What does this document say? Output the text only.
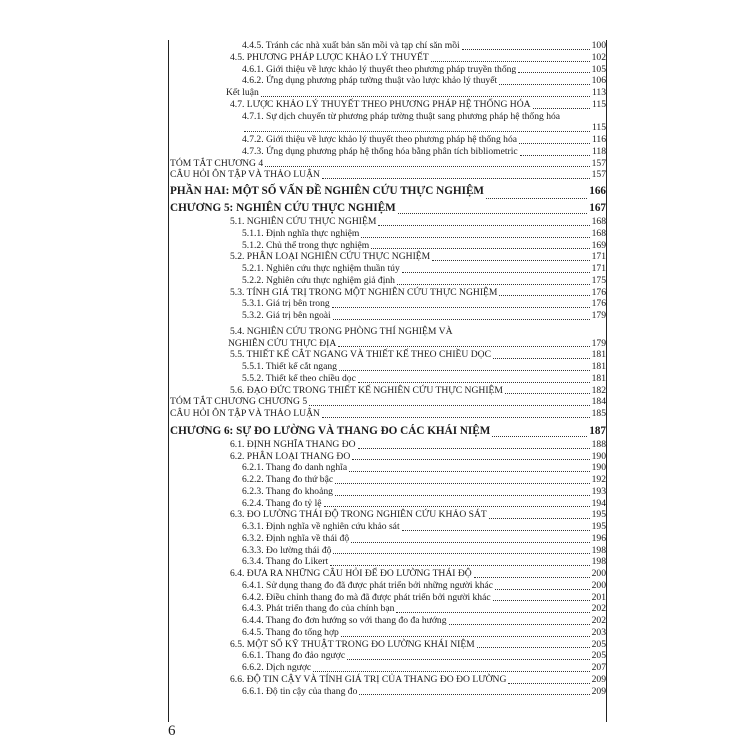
4.4.5. Tránh các nhà xuất bản săn mồi và tạp chí săn mồi	100
4.5. PHƯƠNG PHÁP LƯỢC KHẢO LÝ THUYẾT	102
4.6.1. Giới thiệu về lược khảo lý thuyết theo phương pháp truyền thống	105
4.6.2. Ứng dụng phương pháp tường thuật vào lược khảo lý thuyết	106
Kết luận	113
4.7. LƯỢC KHẢO LÝ THUYẾT THEO PHƯƠNG PHÁP HỆ THỐNG HÓA	115
4.7.1. Sự dịch chuyển từ phương pháp tường thuật sang phương pháp hệ thống hóa
115
4.7.2. Giới thiệu về lược khảo lý thuyết theo phương pháp hệ thống hóa	116
4.7.3. Ứng dụng phương pháp hệ thống hóa bằng phân tích bibliometric	118
TÓM TẮT CHƯƠNG 4	157
CÂU HỎI ÔN TẬP VÀ THẢO LUẬN	157
PHẦN HAI: MỘT SỐ VẤN ĐỀ NGHIÊN CỨU THỰC NGHIỆM	166
CHƯƠNG 5: NGHIÊN CỨU THỰC NGHIỆM	167
5.1. NGHIÊN CỨU THỰC NGHIỆM	168
5.1.1. Định nghĩa thực nghiệm	168
5.1.2. Chủ thể trong thực nghiệm	169
5.2. PHÂN LOẠI NGHIÊN CỨU THỰC NGHIỆM	171
5.2.1. Nghiên cứu thực nghiệm thuần túy	171
5.2.2. Nghiên cứu thực nghiệm giả định	175
5.3. TÍNH GIÁ TRỊ TRONG MỘT NGHIÊN CỨU THỰC NGHIỆM	176
5.3.1. Giá trị bên trong	176
5.3.2. Giá trị bên ngoài	179
5.4. NGHIÊN CỨU TRONG PHÒNG THÍ NGHIỆM VÀ
NGHIÊN CỨU THỰC ĐỊA	179
5.5. THIẾT KẾ CẮT NGANG VÀ THIẾT KẾ THEO CHIỀU DỌC	181
5.5.1. Thiết kế cắt ngang	181
5.5.2. Thiết kế theo chiều dọc	181
5.6. ĐẠO ĐỨC TRONG THIẾT KẾ NGHIÊN CỨU THỰC NGHIỆM	182
TÓM TẮT CHƯƠNG CHƯƠNG 5	184
CÂU HỎI ÔN TẬP VÀ THẢO LUẬN	185
CHƯƠNG 6: SỰ ĐO LƯỜNG VÀ THANG ĐO CÁC KHÁI NIỆM	187
6.1. ĐỊNH NGHĨA THANG ĐO	188
6.2. PHÂN LOẠI THANG ĐO	190
6.2.1. Thang đo danh nghĩa	190
6.2.2. Thang đo thứ bậc	192
6.2.3. Thang đo khoảng	193
6.2.4. Thang đo tỷ lệ	194
6.3. ĐO LƯỜNG THÁI ĐỘ TRONG NGHIÊN CỨU KHẢO SÁT	195
6.3.1. Định nghĩa về nghiên cứu khảo sát	195
6.3.2. Định nghĩa về thái độ	196
6.3.3. Đo lường thái độ	198
6.3.4. Thang đo Likert	198
6.4. ĐƯA RA NHỮNG CÂU HỎI ĐỂ ĐO LƯỜNG THÁI ĐỘ	200
6.4.1. Sử dụng thang đo đã được phát triển bởi những người khác	200
6.4.2. Điều chỉnh thang đo mà đã được phát triển bởi người khác	201
6.4.3. Phát triển thang đo của chính bạn	202
6.4.4. Thang đo đơn hướng so với thang đo đa hướng	202
6.4.5. Thang đo tổng hợp	203
6.5. MỘT SỐ KỸ THUẬT TRONG ĐO LƯỜNG KHÁI NIỆM	205
6.6.1. Thang đo đảo ngược	205
6.6.2. Dịch ngược	207
6.6. ĐỘ TIN CẬY VÀ TÍNH GIÁ TRỊ CỦA THANG ĐO ĐO LƯỜNG	209
6.6.1. Độ tin cậy của thang đo	209
6
